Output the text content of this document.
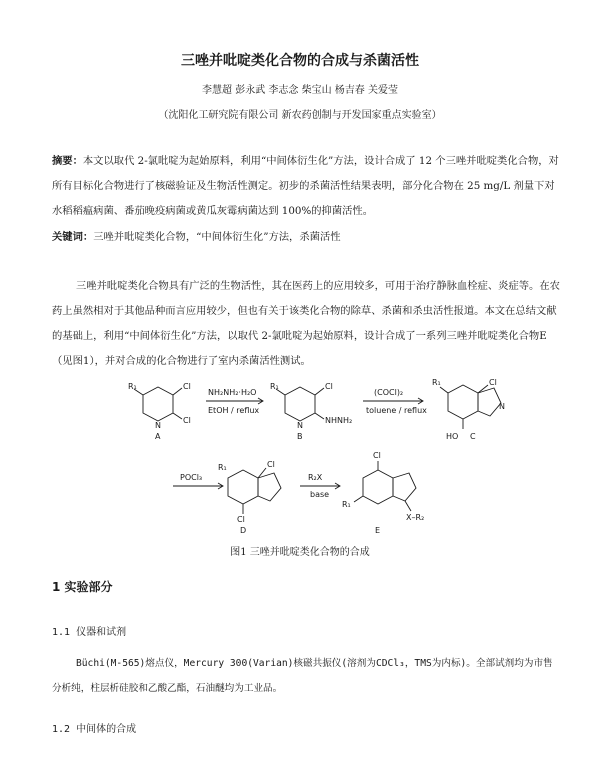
三唑并吡啶类化合物的合成与杀菌活性
李慧超 彭永武 李志念 柴宝山 杨吉春 关爱莹
（沈阳化工研究院有限公司 新农药创制与开发国家重点实验室）

摘要：本文以取代 2-氯吡啶为起始原料，利用“中间体衍生化”方法，设计合成了 12 个三唑并吡啶类化合物，对所有目标化合物进行了核磁验证及生物活性测定。初步的杀菌活性结果表明，部分化合物在 25 mg/L 剂量下对水稻稻瘟病菌、番茄晚疫病菌或黄瓜灰霉病菌达到 100%的抑菌活性。

关键词：三唑并吡啶类化合物，“中间体衍生化”方法，杀菌活性

三唑并吡啶类化合物具有广泛的生物活性，其在医药上的应用较多，可用于治疗静脉血栓症、炎症等。在农药上虽然相对于其他品种而言应用较少，但也有关于该类化合物的除草、杀菌和杀虫活性报道。本文在总结文献的基础上，利用“中间体衍生化”方法，以取代 2-氯吡啶为起始原料，设计合成了一系列三唑并吡啶类化合物E（见图1），并对合成的化合物进行了室内杀菌活性测试。

R₁	Cl
Cl
N
A
NH₂NH₂·H₂O
EtOH / reflux
R₁	Cl
NHNH₂
N
B
(COCl)₂
toluene / reflux
R₁	Cl
N
HO C
POCl₃
R₁	Cl
Cl
D
R₂X
base
Cl
R₁
X–R₂
E
图1 三唑并吡啶类化合物的合成
1 实验部分
1.1 仪器和试剂

Büchi(M-565)熔点仪，Mercury 300(Varian)核磁共振仪(溶剂为CDCl₃，TMS为内标)。全部试剂均为市售分析纯，柱层析硅胶和乙酸乙酯，石油醚均为工业品。

1.2 中间体的合成
